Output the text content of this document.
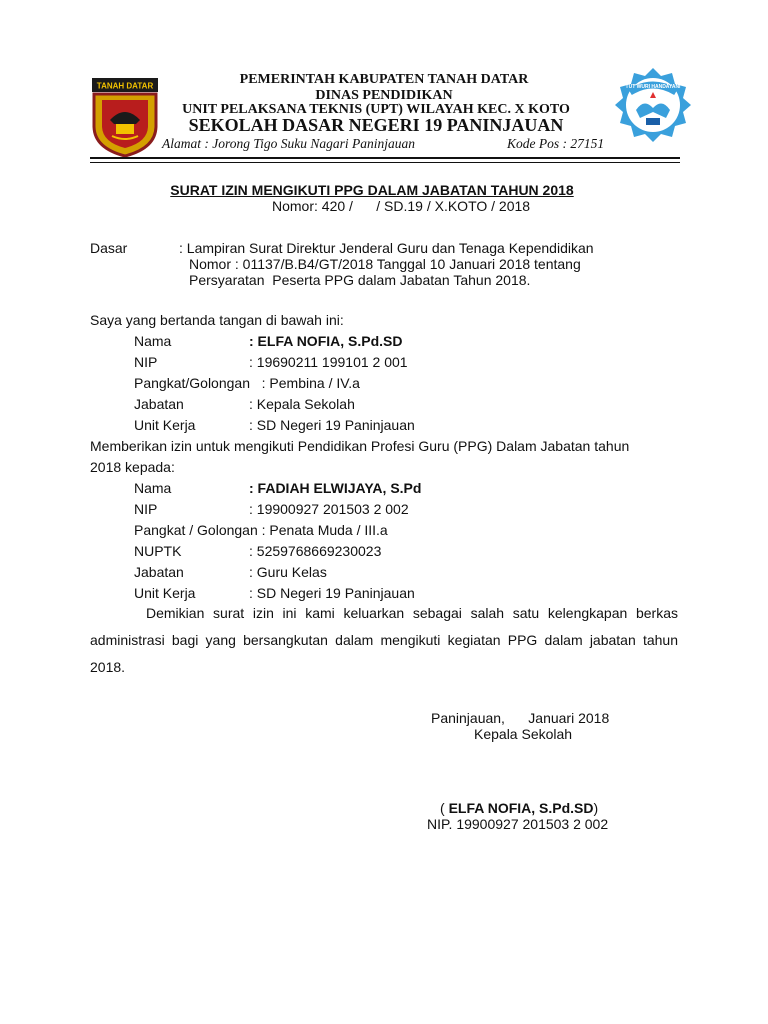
TANAH DATAR	TUT WURI HANDAYANI
PEMERINTAH KABUPATEN TANAH DATAR
DINAS PENDIDIKAN
UNIT PELAKSANA TEKNIS (UPT) WILAYAH KEC. X KOTO
SEKOLAH DASAR NEGERI 19 PANINJAUAN
Alamat : Jorong Tigo Suku Nagari Paninjauan	Kode Pos : 27151
SURAT IZIN MENGIKUTI PPG DALAM JABATAN TAHUN 2018
Nomor: 420 /      / SD.19 / X.KOTO / 2018
Dasar	: Lampiran Surat Direktur Jenderal Guru dan Tenaga Kependidikan
Nomor : 01137/B.B4/GT/2018 Tanggal 10 Januari 2018 tentang
Persyaratan  Peserta PPG dalam Jabatan Tahun 2018.
Saya yang bertanda tangan di bawah ini:
Nama	: ELFA NOFIA, S.Pd.SD
NIP	: 19690211 199101 2 001
Pangkat/Golongan   : Pembina / IV.a
Jabatan	: Kepala Sekolah
Unit Kerja	: SD Negeri 19 Paninjauan
Memberikan izin untuk mengikuti Pendidikan Profesi Guru (PPG) Dalam Jabatan tahun
2018 kepada:
Nama	: FADIAH ELWIJAYA, S.Pd
NIP	: 19900927 201503 2 002
Pangkat / Golongan : Penata Muda / III.a
NUPTK	: 5259768669230023
Jabatan	: Guru Kelas
Unit Kerja	: SD Negeri 19 Paninjauan
Demikian surat izin ini kami keluarkan sebagai salah satu kelengkapan berkas administrasi bagi yang bersangkutan dalam mengikuti kegiatan PPG dalam jabatan tahun 2018.
Paninjauan,      Januari 2018
Kepala Sekolah
( ELFA NOFIA, S.Pd.SD)
NIP. 19900927 201503 2 002
